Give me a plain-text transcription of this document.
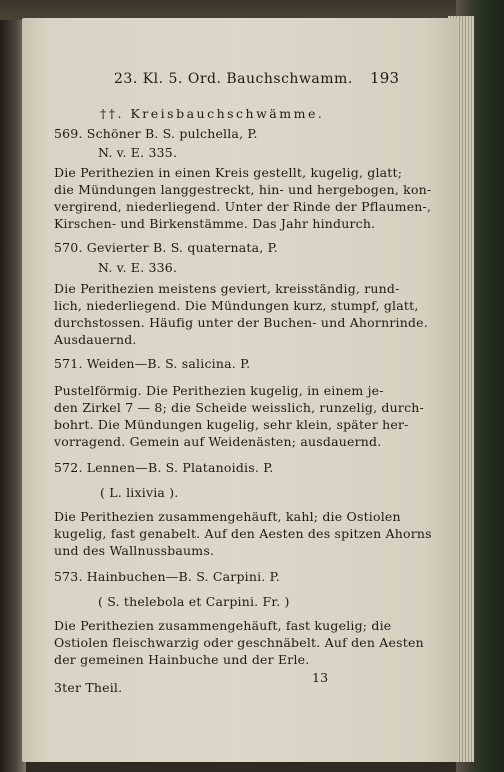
23. Kl. 5. Ord. Bauchschwamm. 193
††. Kreisbauchschwämme.
569. Schöner B. S. pulchella, P.
N. v. E. 335.
Die Perithezien in einen Kreis gestellt, kugelig, glatt;
die Mündungen langgestreckt, hin- und hergebogen, kon-
vergirend, niederliegend. Unter der Rinde der Pflaumen-,
Kirschen- und Birkenstämme. Das Jahr hindurch.
570. Gevierter B. S. quaternata, P.
N. v. E. 336.
Die Perithezien meistens geviert, kreisständig, rund-
lich, niederliegend. Die Mündungen kurz, stumpf, glatt,
durchstossen. Häufig unter der Buchen- und Ahornrinde.
Ausdauernd.
571. Weiden—B. S. salicina. P.
Pustelförmig. Die Perithezien kugelig, in einem je-
den Zirkel 7 — 8; die Scheide weisslich, runzelig, durch-
bohrt. Die Mündungen kugelig, sehr klein, später her-
vorragend. Gemein auf Weidenästen; ausdauernd.
572. Lennen—B. S. Platanoidis. P.
( L. lixivia ).
Die Perithezien zusammengehäuft, kahl; die Ostiolen
kugelig, fast genabelt. Auf den Aesten des spitzen Ahorns
und des Wallnussbaums.
573. Hainbuchen—B. S. Carpini. P.
( S. thelebola et Carpini. Fr. )
Die Perithezien zusammengehäuft, fast kugelig; die
Ostiolen fleischwarzig oder geschnäbelt. Auf den Aesten
der gemeinen Hainbuche und der Erle.
3ter Theil.
13
